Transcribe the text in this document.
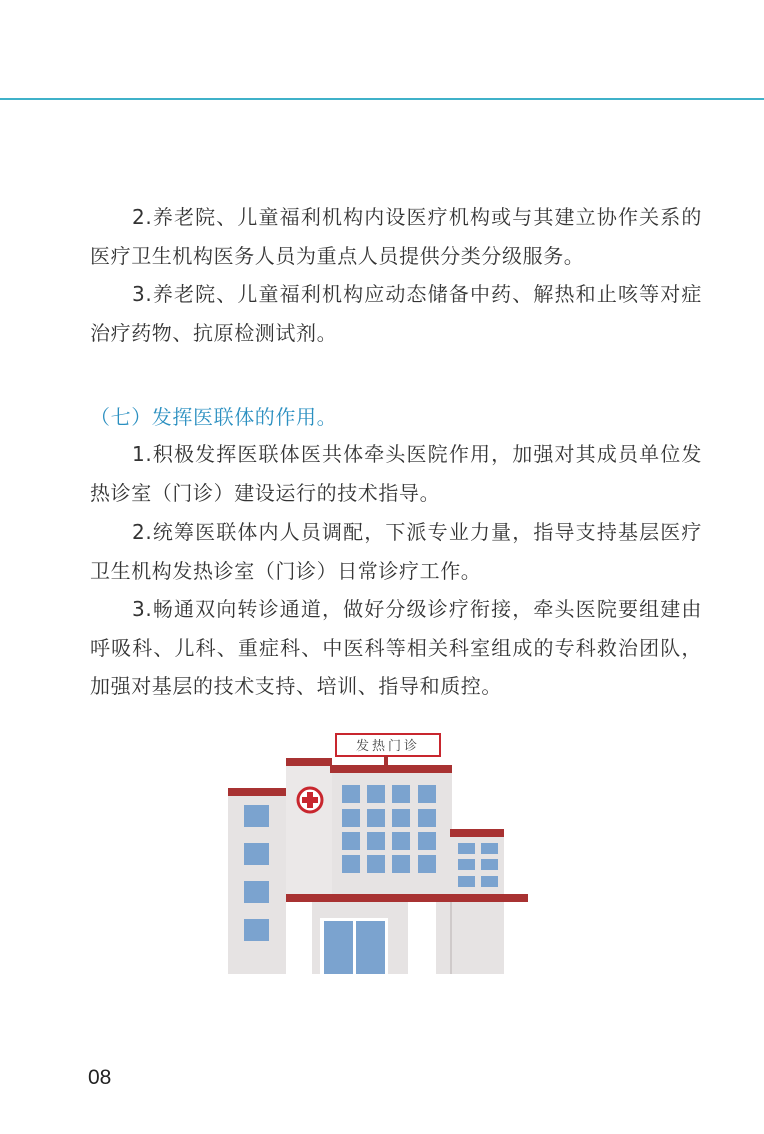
2.养老院、儿童福利机构内设医疗机构或与其建立协作关系的医疗卫生机构医务人员为重点人员提供分类分级服务。

3.养老院、儿童福利机构应动态储备中药、解热和止咳等对症治疗药物、抗原检测试剂。

（七）发挥医联体的作用。

1.积极发挥医联体医共体牵头医院作用，加强对其成员单位发热诊室（门诊）建设运行的技术指导。

2.统筹医联体内人员调配，下派专业力量，指导支持基层医疗卫生机构发热诊室（门诊）日常诊疗工作。

3.畅通双向转诊通道，做好分级诊疗衔接，牵头医院要组建由呼吸科、儿科、重症科、中医科等相关科室组成的专科救治团队，加强对基层的技术支持、培训、指导和质控。

发热门诊
08
